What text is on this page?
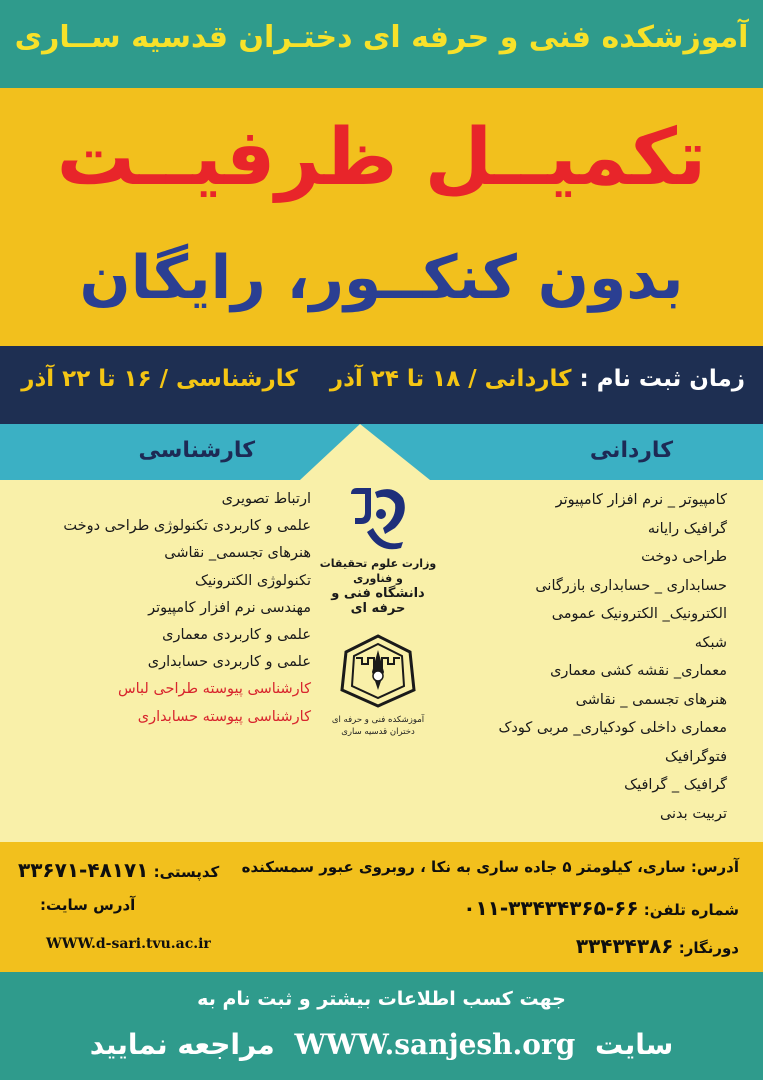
آموزشکده فنی و حرفه ای دختـران قدسیه ســاری
تکمیــل ظرفیــت
بدون کنکــور، رایگان
زمان ثبت نام : کاردانی / ۱۸ تا ۲۴ آذر    کارشناسی / ۱۶ تا ۲۲ آذر
کاردانی
کارشناسی
کامپیوتر _ نرم افزار کامپیوتر
گرافیک رایانه
طراحی دوخت
حسابداری _ حسابداری بازرگانی
الکترونیک_ الکترونیک عمومی
شبکه
معماری_ نقشه کشی معماری
هنرهای تجسمی _ نقاشی
معماری داخلی کودکیاری_ مربی کودک
فتوگرافیک
گرافیک _ گرافیک
تربیت بدنی
ارتباط تصویری
علمی و کاربردی تکنولوژی طراحی دوخت
هنرهای تجسمی_ نقاشی
تکنولوژی الکترونیک
مهندسی نرم افزار کامپیوتر
علمی و کاربردی معماری
علمی و کاربردی حسابداری
کارشناسی پیوسته طراحی لباس
کارشناسی پیوسته حسابداری
وزارت علوم تحقیقات و فناوری
دانشگاه فنی و حرفه ای
آموزشکده فنی و حرفه ای
دختران قدسیه ساری
آدرس: ساری، کیلومتر ۵ جاده ساری به نکا ، روبروی عبور سمسکنده
کدپستی: ۴۸۱۷۱-۳۳۶۷۱
شماره تلفن: ۶۶-۳۳۴۳۴۳۶۵-۰۱۱
آدرس سایت:
دورنگار: ۳۳۴۳۴۳۸۶
WWW.d-sari.tvu.ac.ir
جهت کسب اطلاعات بیشتر و ثبت نام به
سایت WWW.sanjesh.org مراجعه نمایید
